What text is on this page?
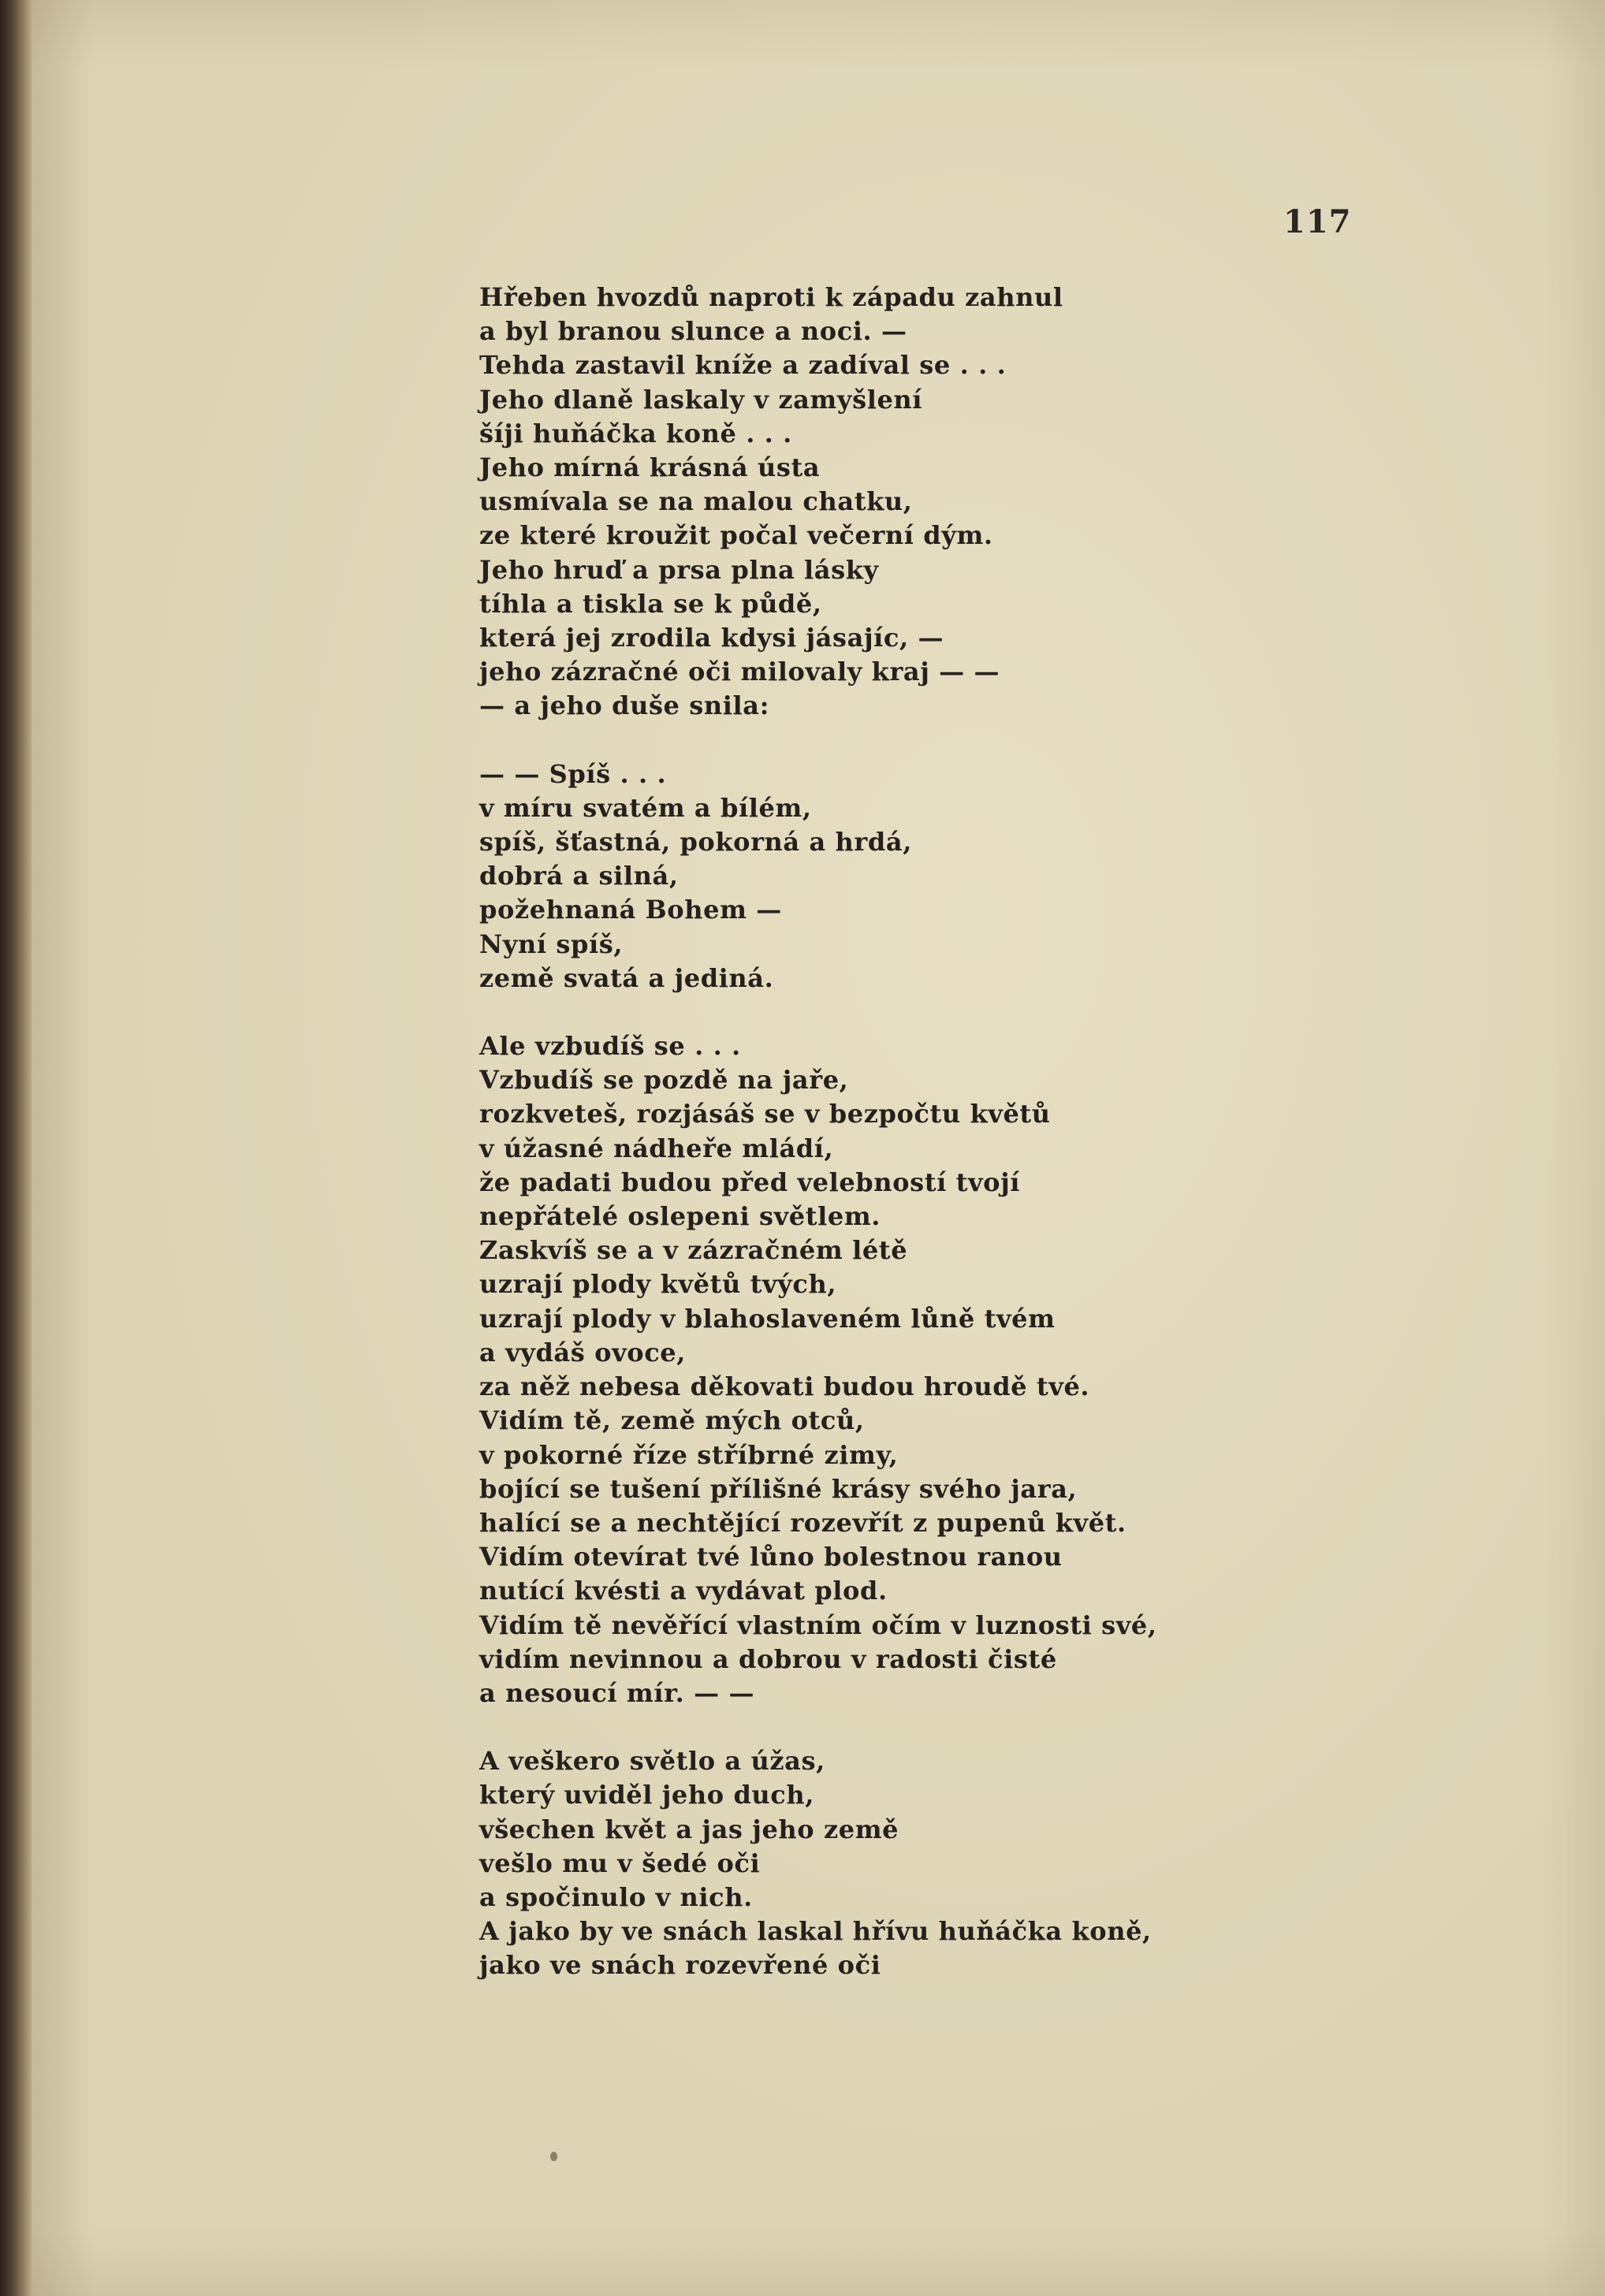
117
Hřeben hvozdů naproti k západu zahnul
a byl branou slunce a noci. —
Tehda zastavil kníže a zadíval se . . .
Jeho dlaně laskaly v zamyšlení
šíji huňáčka koně . . .
Jeho mírná krásná ústa
usmívala se na malou chatku,
ze které kroužit počal večerní dým.
Jeho hruď a prsa plna lásky
tíhla a tiskla se k půdě,
která jej zrodila kdysi jásajíc, —
jeho zázračné oči milovaly kraj — —
— a jeho duše snila:
— — Spíš . . .
v míru svatém a bílém,
spíš, šťastná, pokorná a hrdá,
dobrá a silná,
požehnaná Bohem —
Nyní spíš,
země svatá a jediná.
Ale vzbudíš se . . .
Vzbudíš se pozdě na jaře,
rozkveteš, rozjásáš se v bezpočtu květů
v úžasné nádheře mládí,
že padati budou před velebností tvojí
nepřátelé oslepeni světlem.
Zaskvíš se a v zázračném létě
uzrají plody květů tvých,
uzrají plody v blahoslaveném lůně tvém
a vydáš ovoce,
za něž nebesa děkovati budou hroudě tvé.
Vidím tě, země mých otců,
v pokorné říze stříbrné zimy,
bojící se tušení přílišné krásy svého jara,
halící se a nechtějící rozevřít z pupenů květ.
Vidím otevírat tvé lůno bolestnou ranou
nutící kvésti a vydávat plod.
Vidím tě nevěřící vlastním očím v luznosti své,
vidím nevinnou a dobrou v radosti čisté
a nesoucí mír. — —
A veškero světlo a úžas,
který uviděl jeho duch,
všechen květ a jas jeho země
vešlo mu v šedé oči
a spočinulo v nich.
A jako by ve snách laskal hřívu huňáčka koně,
jako ve snách rozevřené oči
